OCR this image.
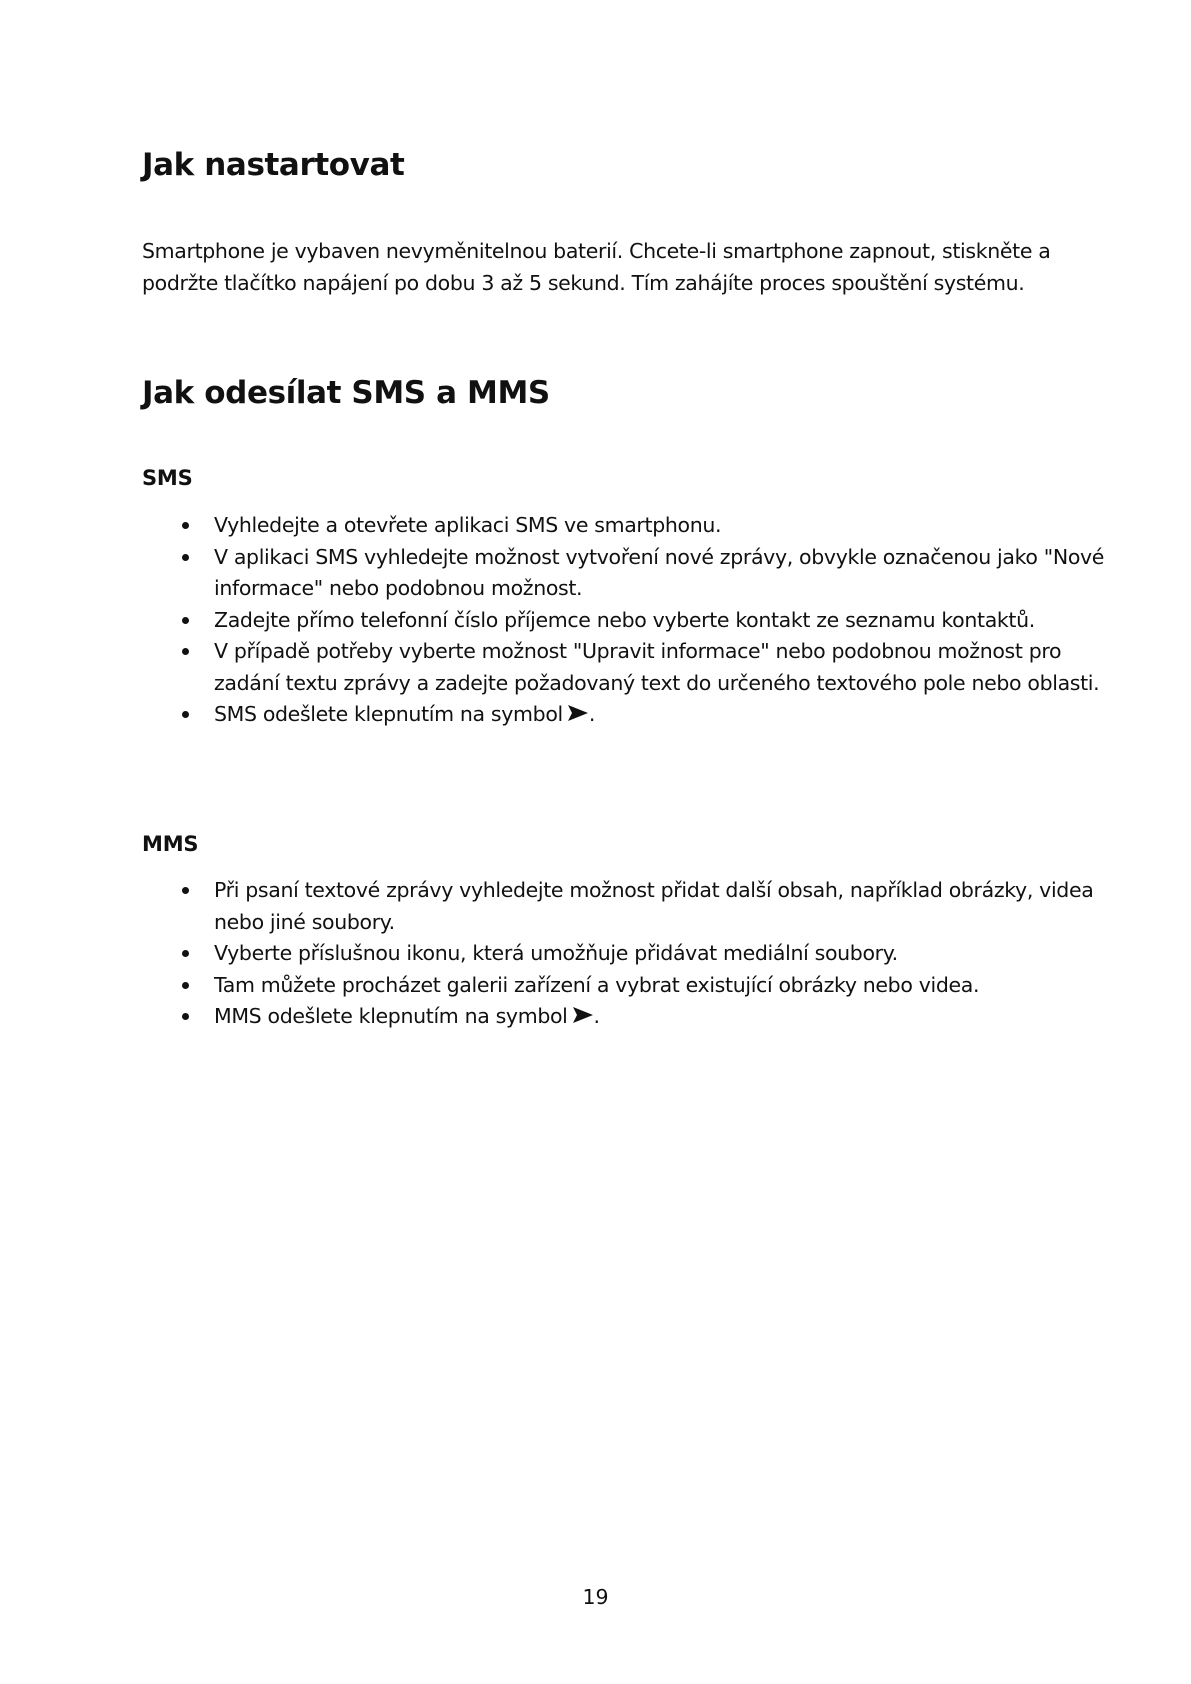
Jak nastartovat

Smartphone je vybaven nevyměnitelnou baterií. Chcete-li smartphone zapnout, stiskněte a podržte tlačítko napájení po dobu 3 až 5 sekund. Tím zahájíte proces spouštění systému.

Jak odesílat SMS a MMS
SMS
Vyhledejte a otevřete aplikaci SMS ve smartphonu.
V aplikaci SMS vyhledejte možnost vytvoření nové zprávy, obvykle označenou jako "Nové informace" nebo podobnou možnost.
Zadejte přímo telefonní číslo příjemce nebo vyberte kontakt ze seznamu kontaktů.
V případě potřeby vyberte možnost "Upravit informace" nebo podobnou možnost pro zadání textu zprávy a zadejte požadovaný text do určeného textového pole nebo oblasti.
SMS odešlete klepnutím na symbol .
MMS
Při psaní textové zprávy vyhledejte možnost přidat další obsah, například obrázky, videa nebo jiné soubory.
Vyberte příslušnou ikonu, která umožňuje přidávat mediální soubory.
Tam můžete procházet galerii zařízení a vybrat existující obrázky nebo videa.
MMS odešlete klepnutím na symbol .
19
